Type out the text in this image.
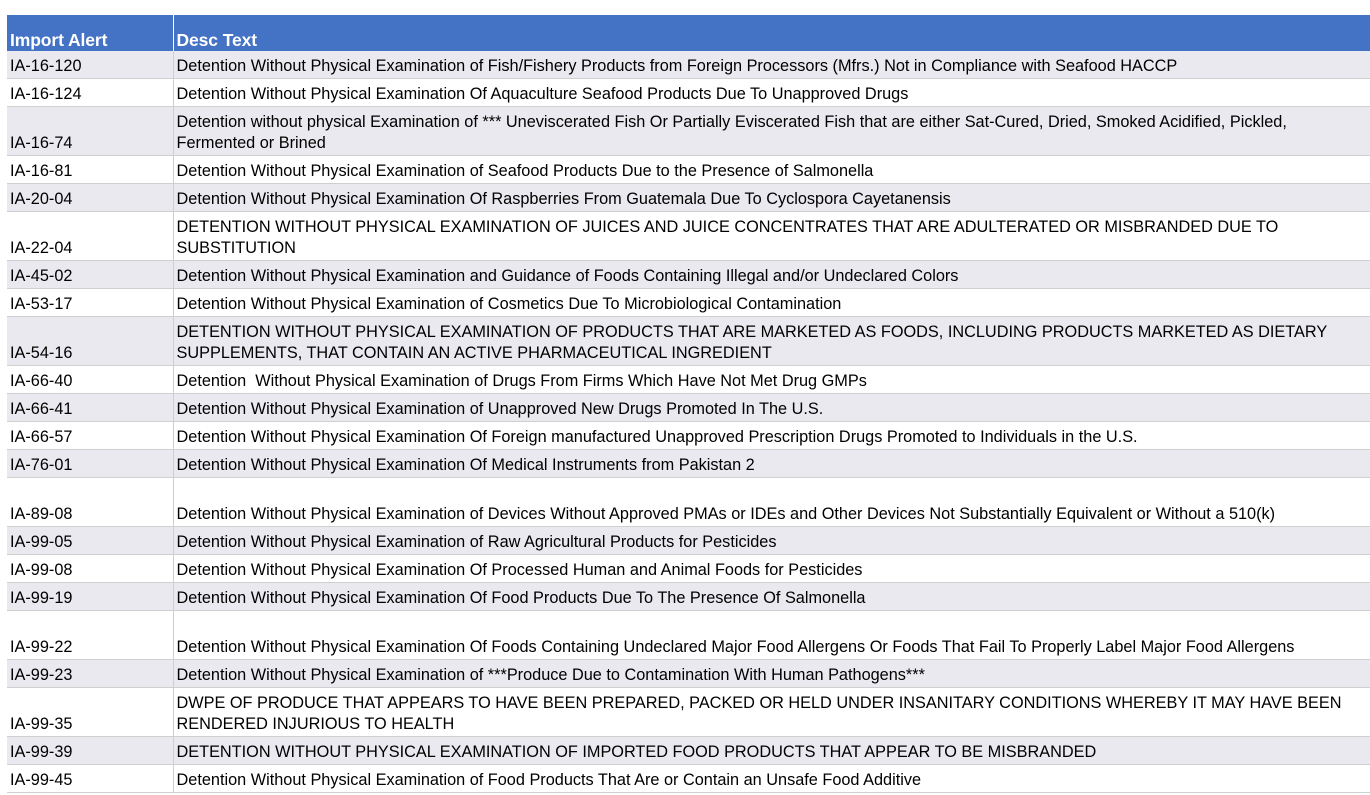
Import Alert	Desc Text
IA-16-120	Detention Without Physical Examination of Fish/Fishery Products from Foreign Processors (Mfrs.) Not in Compliance with Seafood HACCP
IA-16-124	Detention Without Physical Examination Of Aquaculture Seafood Products Due To Unapproved Drugs
IA-16-74	Detention without physical Examination of *** Uneviscerated Fish Or Partially Eviscerated Fish that are either Sat-Cured, Dried, Smoked Acidified, Pickled, Fermented or Brined
IA-16-81	Detention Without Physical Examination of Seafood Products Due to the Presence of Salmonella
IA-20-04	Detention Without Physical Examination Of Raspberries From Guatemala Due To Cyclospora Cayetanensis
IA-22-04	DETENTION WITHOUT PHYSICAL EXAMINATION OF JUICES AND JUICE CONCENTRATES THAT ARE ADULTERATED OR MISBRANDED DUE TO SUBSTITUTION
IA-45-02	Detention Without Physical Examination and Guidance of Foods Containing Illegal and/or Undeclared Colors
IA-53-17	Detention Without Physical Examination of Cosmetics Due To Microbiological Contamination
IA-54-16	DETENTION WITHOUT PHYSICAL EXAMINATION OF PRODUCTS THAT ARE MARKETED AS FOODS, INCLUDING PRODUCTS MARKETED AS DIETARY SUPPLEMENTS, THAT CONTAIN AN ACTIVE PHARMACEUTICAL INGREDIENT
IA-66-40	Detention  Without Physical Examination of Drugs From Firms Which Have Not Met Drug GMPs
IA-66-41	Detention Without Physical Examination of Unapproved New Drugs Promoted In The U.S.
IA-66-57	Detention Without Physical Examination Of Foreign manufactured Unapproved Prescription Drugs Promoted to Individuals in the U.S.
IA-76-01	Detention Without Physical Examination Of Medical Instruments from Pakistan 2
IA-89-08	Detention Without Physical Examination of Devices Without Approved PMAs or IDEs and Other Devices Not Substantially Equivalent or Without a 510(k)
IA-99-05	Detention Without Physical Examination of Raw Agricultural Products for Pesticides
IA-99-08	Detention Without Physical Examination Of Processed Human and Animal Foods for Pesticides
IA-99-19	Detention Without Physical Examination Of Food Products Due To The Presence Of Salmonella
IA-99-22	Detention Without Physical Examination Of Foods Containing Undeclared Major Food Allergens Or Foods That Fail To Properly Label Major Food Allergens
IA-99-23	Detention Without Physical Examination of ***Produce Due to Contamination With Human Pathogens***
IA-99-35	DWPE OF PRODUCE THAT APPEARS TO HAVE BEEN PREPARED, PACKED OR HELD UNDER INSANITARY CONDITIONS WHEREBY IT MAY HAVE BEEN RENDERED INJURIOUS TO HEALTH
IA-99-39	DETENTION WITHOUT PHYSICAL EXAMINATION OF IMPORTED FOOD PRODUCTS THAT APPEAR TO BE MISBRANDED
IA-99-45	Detention Without Physical Examination of Food Products That Are or Contain an Unsafe Food Additive
